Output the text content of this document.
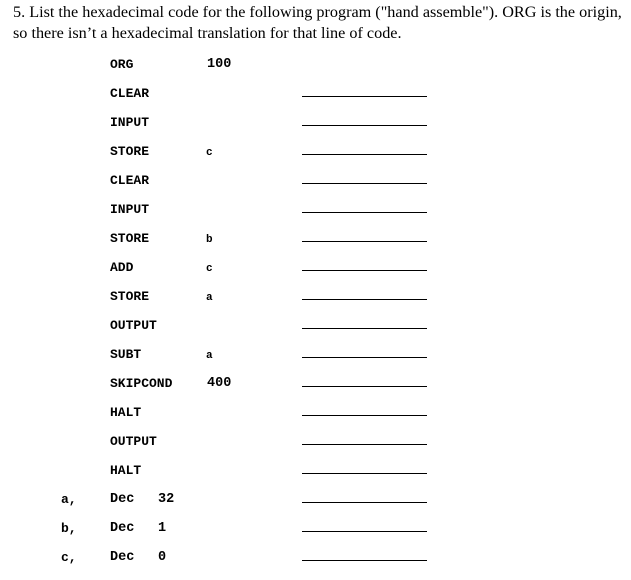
5. List the hexadecimal code for the following program ("hand assemble"). ORG is the origin, so there isn’t a hexadecimal translation for that line of code.

ORG	100
CLEAR
INPUT
STORE	c
CLEAR
INPUT
STORE	b
ADD	c
STORE	a
OUTPUT
SUBT	a
SKIPCOND	400
HALT
OUTPUT
HALT
a, Dec 32
b, Dec 1
c, Dec 0
